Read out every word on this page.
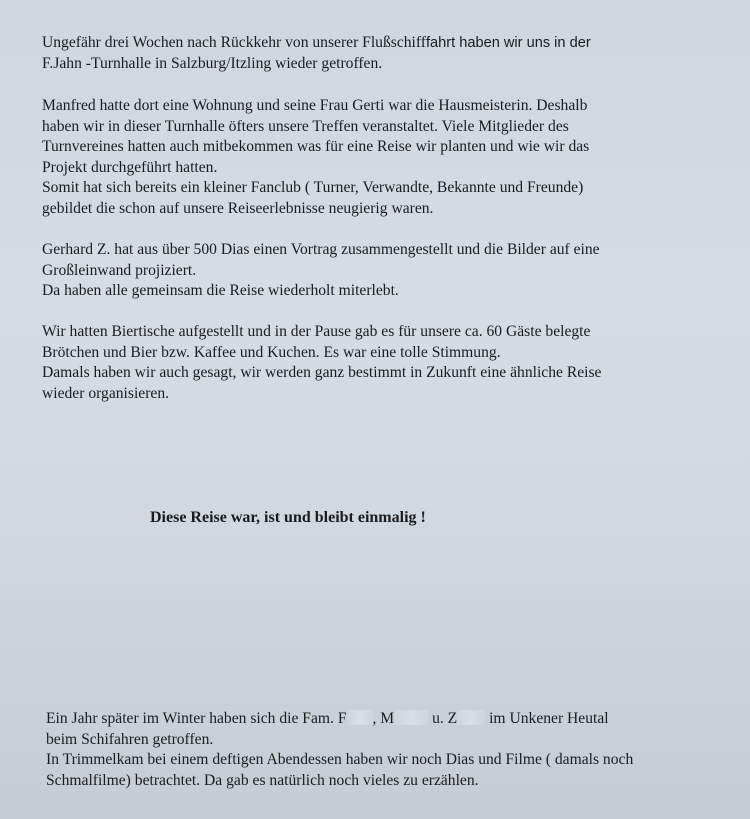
Ungefähr drei Wochen nach Rückkehr von unserer Flußschifffahrt haben wir uns in der
F.Jahn -Turnhalle in Salzburg/Itzling wieder getroffen.
Manfred hatte dort eine Wohnung und seine Frau Gerti war die Hausmeisterin. Deshalb
haben wir in dieser Turnhalle öfters unsere Treffen veranstaltet. Viele Mitglieder des
Turnvereines hatten auch mitbekommen was für eine Reise wir planten und wie wir das
Projekt durchgeführt hatten.
Somit hat sich bereits ein kleiner Fanclub ( Turner, Verwandte, Bekannte und Freunde)
gebildet die schon auf unsere Reiseerlebnisse neugierig waren.
Gerhard Z. hat aus über 500 Dias einen Vortrag zusammengestellt und die Bilder auf eine
Großleinwand projiziert.
Da haben alle gemeinsam die Reise wiederholt miterlebt.
Wir hatten Biertische aufgestellt und in der Pause gab es für unsere ca. 60 Gäste belegte
Brötchen und Bier bzw. Kaffee und Kuchen. Es war eine tolle Stimmung.
Damals haben wir auch gesagt, wir werden ganz bestimmt in Zukunft eine ähnliche Reise
wieder organisieren.
Diese Reise war, ist und bleibt einmalig !
Ein Jahr später im Winter haben sich die Fam. F , M u. Z im Unkener Heutal
beim Schifahren getroffen.
In Trimmelkam bei einem deftigen Abendessen haben wir noch Dias und Filme ( damals noch
Schmalfilme) betrachtet. Da gab es natürlich noch vieles zu erzählen.
